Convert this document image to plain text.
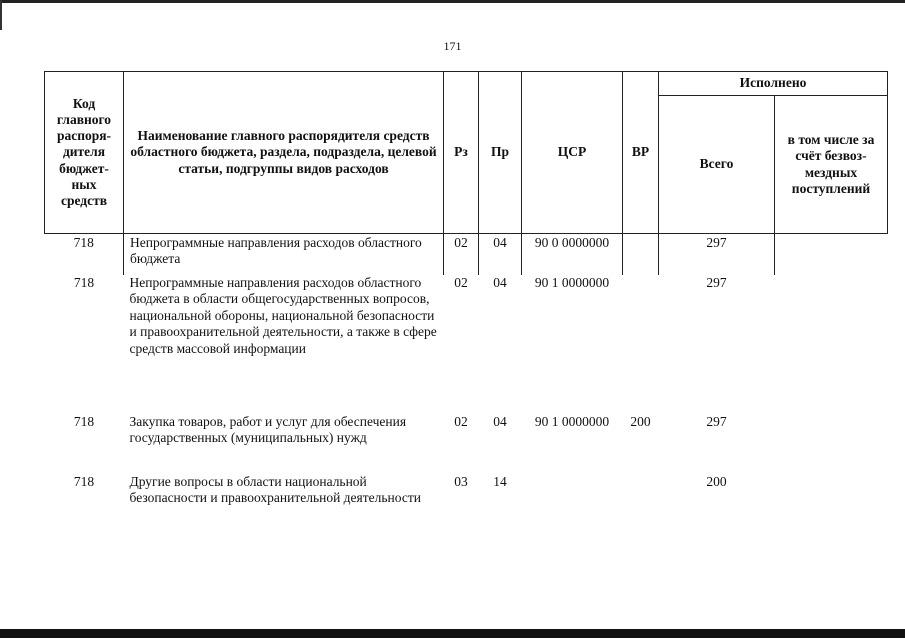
171
Код главного распоря-дителя бюджет-ных средств	Наименование главного распорядителя средств областного бюджета, раздела, подраздела, целевой статьи, подгруппы видов расходов	Рз	Пр	ЦСР	ВР	Исполнено	
						Всего	в том числе за счёт безвоз-мездных поступлений
718	Непрограммные направления расходов областного бюджета	02	04	90 0 0000000		297	
718	Непрограммные направления расходов областного бюджета в области общегосударственных вопросов, национальной обороны, национальной безопасности и правоохранительной деятельности, а также в сфере средств массовой информации	02	04	90 1 0000000		297	
718	Закупка товаров, работ и услуг для обеспечения государственных (муниципальных) нужд	02	04	90 1 0000000	200	297	
718	Другие вопросы в области национальной безопасности и правоохранительной деятельности	03	14			200	
